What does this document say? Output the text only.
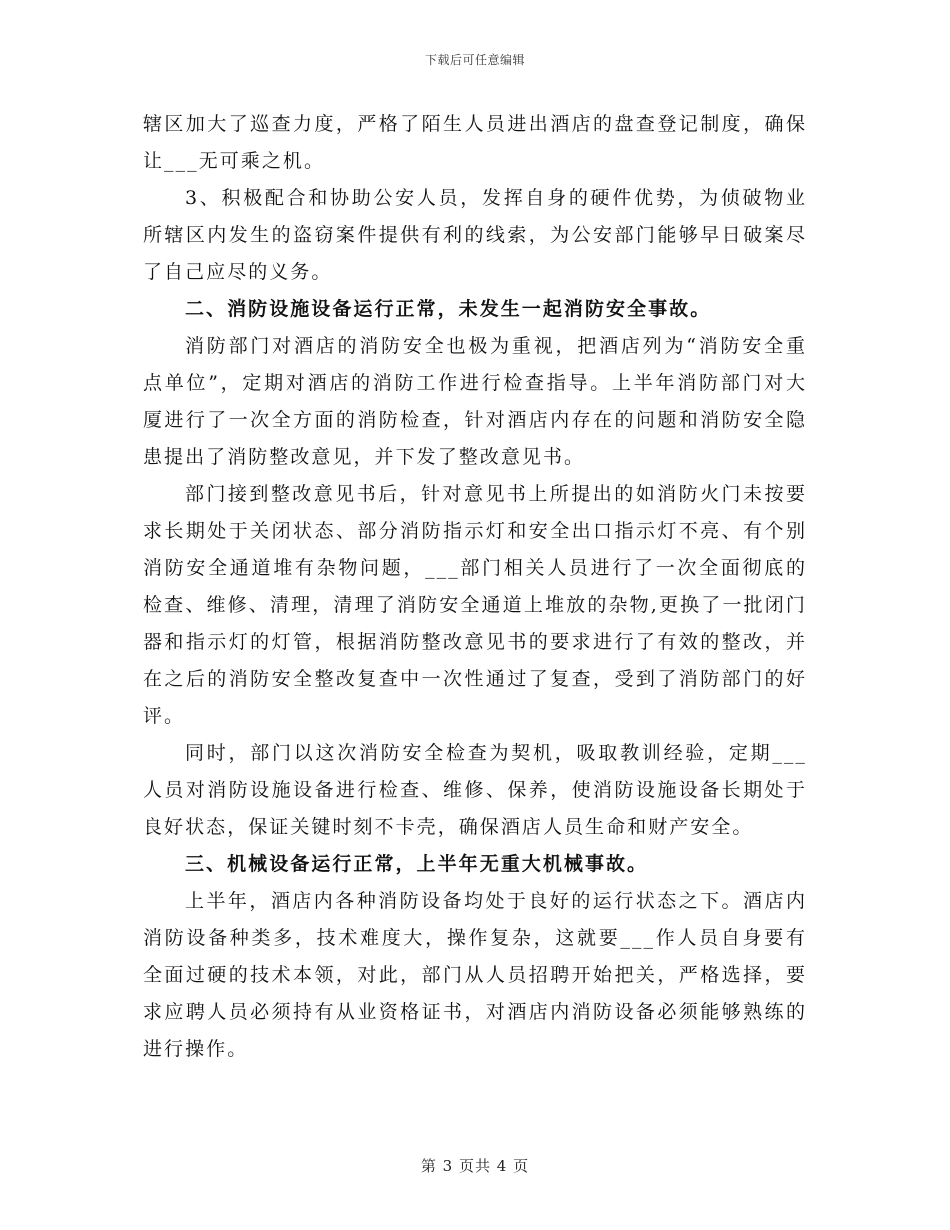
下载后可任意编辑

辖区加大了巡查力度，严格了陌生人员进出酒店的盘查登记制度，确保让___无可乘之机。

3、积极配合和协助公安人员，发挥自身的硬件优势，为侦破物业所辖区内发生的盗窃案件提供有利的线索，为公安部门能够早日破案尽了自己应尽的义务。

二、消防设施设备运行正常，未发生一起消防安全事故。

消防部门对酒店的消防安全也极为重视，把酒店列为“消防安全重点单位”，定期对酒店的消防工作进行检查指导。上半年消防部门对大厦进行了一次全方面的消防检查，针对酒店内存在的问题和消防安全隐患提出了消防整改意见，并下发了整改意见书。

部门接到整改意见书后，针对意见书上所提出的如消防火门未按要求长期处于关闭状态、部分消防指示灯和安全出口指示灯不亮、有个别消防安全通道堆有杂物问题，___部门相关人员进行了一次全面彻底的检查、维修、清理，清理了消防安全通道上堆放的杂物,更换了一批闭门器和指示灯的灯管，根据消防整改意见书的要求进行了有效的整改，并在之后的消防安全整改复查中一次性通过了复查，受到了消防部门的好评。

同时，部门以这次消防安全检查为契机，吸取教训经验，定期___人员对消防设施设备进行检查、维修、保养，使消防设施设备长期处于良好状态，保证关键时刻不卡壳，确保酒店人员生命和财产安全。

三、机械设备运行正常，上半年无重大机械事故。

上半年，酒店内各种消防设备均处于良好的运行状态之下。酒店内消防设备种类多，技术难度大，操作复杂，这就要___作人员自身要有全面过硬的技术本领，对此，部门从人员招聘开始把关，严格选择，要求应聘人员必须持有从业资格证书，对酒店内消防设备必须能够熟练的进行操作。

第 3 页共 4 页
